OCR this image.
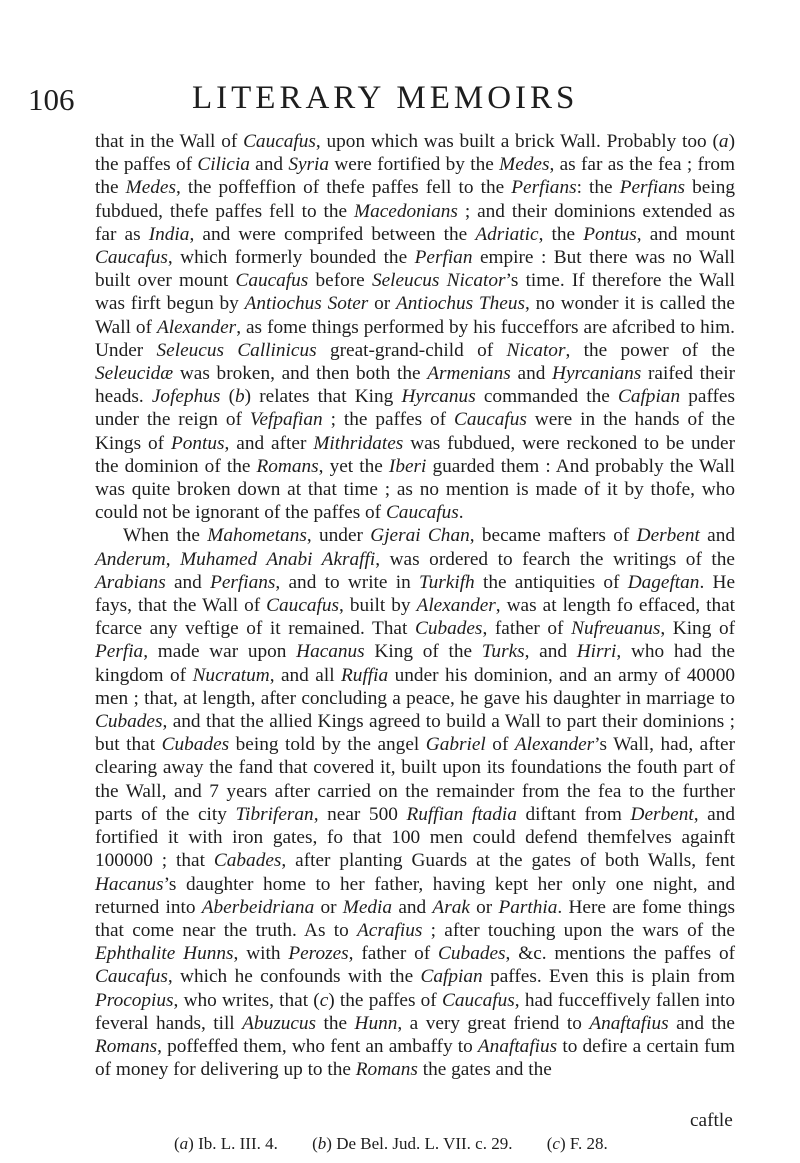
106	LITERARY MEMOIRS

that in the Wall of Caucafus, upon which was built a brick Wall. Probably too (a) the paffes of Cilicia and Syria were fortified by the Medes, as far as the fea ; from the Medes, the poffeffion of thefe paffes fell to the Perfians: the Perfians being fubdued, thefe paffes fell to the Macedonians ; and their dominions extended as far as India, and were comprifed between the Adriatic, the Pontus, and mount Caucafus, which formerly bounded the Perfian empire : But there was no Wall built over mount Caucafus before Seleucus Nicator’s time. If therefore the Wall was firft begun by Antiochus Soter or Antiochus Theus, no wonder it is called the Wall of Alexander, as fome things performed by his fucceffors are afcribed to him. Under Seleucus Callinicus great-grand-child of Nicator, the power of the Seleucidæ was broken, and then both the Armenians and Hyrcanians raifed their heads. Jofephus (b) relates that King Hyrcanus commanded the Cafpian paffes under the reign of Vefpafian ; the paffes of Caucafus were in the hands of the Kings of Pontus, and after Mithridates was fubdued, were reckoned to be under the dominion of the Romans, yet the Iberi guarded them : And probably the Wall was quite broken down at that time ; as no mention is made of it by thofe, who could not be ignorant of the paffes of Caucafus.

When the Mahometans, under Gjerai Chan, became mafters of Derbent and Anderum, Muhamed Anabi Akraffi, was ordered to fearch the writings of the Arabians and Perfians, and to write in Turkifh the antiquities of Dageftan. He fays, that the Wall of Caucafus, built by Alexander, was at length fo effaced, that fcarce any veftige of it remained. That Cubades, father of Nufreuanus, King of Perfia, made war upon Hacanus King of the Turks, and Hirri, who had the kingdom of Nucratum, and all Ruffia under his dominion, and an army of 40000 men ; that, at length, after concluding a peace, he gave his daughter in marriage to Cubades, and that the allied Kings agreed to build a Wall to part their dominions ; but that Cubades being told by the angel Gabriel of Alexander’s Wall, had, after clearing away the fand that covered it, built upon its foundations the fouth part of the Wall, and 7 years after carried on the remainder from the fea to the further parts of the city Tibriferan, near 500 Ruffian ftadia diftant from Derbent, and fortified it with iron gates, fo that 100 men could defend themfelves againft 100000 ; that Cabades, after planting Guards at the gates of both Walls, fent Hacanus’s daughter home to her father, having kept her only one night, and returned into Aberbeidriana or Media and Arak or Parthia. Here are fome things that come near the truth. As to Acrafius ; after touching upon the wars of the Ephthalite Hunns, with Perozes, father of Cubades, &c. mentions the paffes of Caucafus, which he confounds with the Cafpian paffes. Even this is plain from Procopius, who writes, that (c) the paffes of Caucafus, had fucceffively fallen into feveral hands, till Abuzucus the Hunn, a very great friend to Anaftafius and the Romans, poffeffed them, who fent an ambaffy to Anaftafius to defire a certain fum of money for delivering up to the Romans the gates and the

caftle
(a) Ib. L. III. 4. (b) De Bel. Jud. L. VII. c. 29. (c) F. 28.
